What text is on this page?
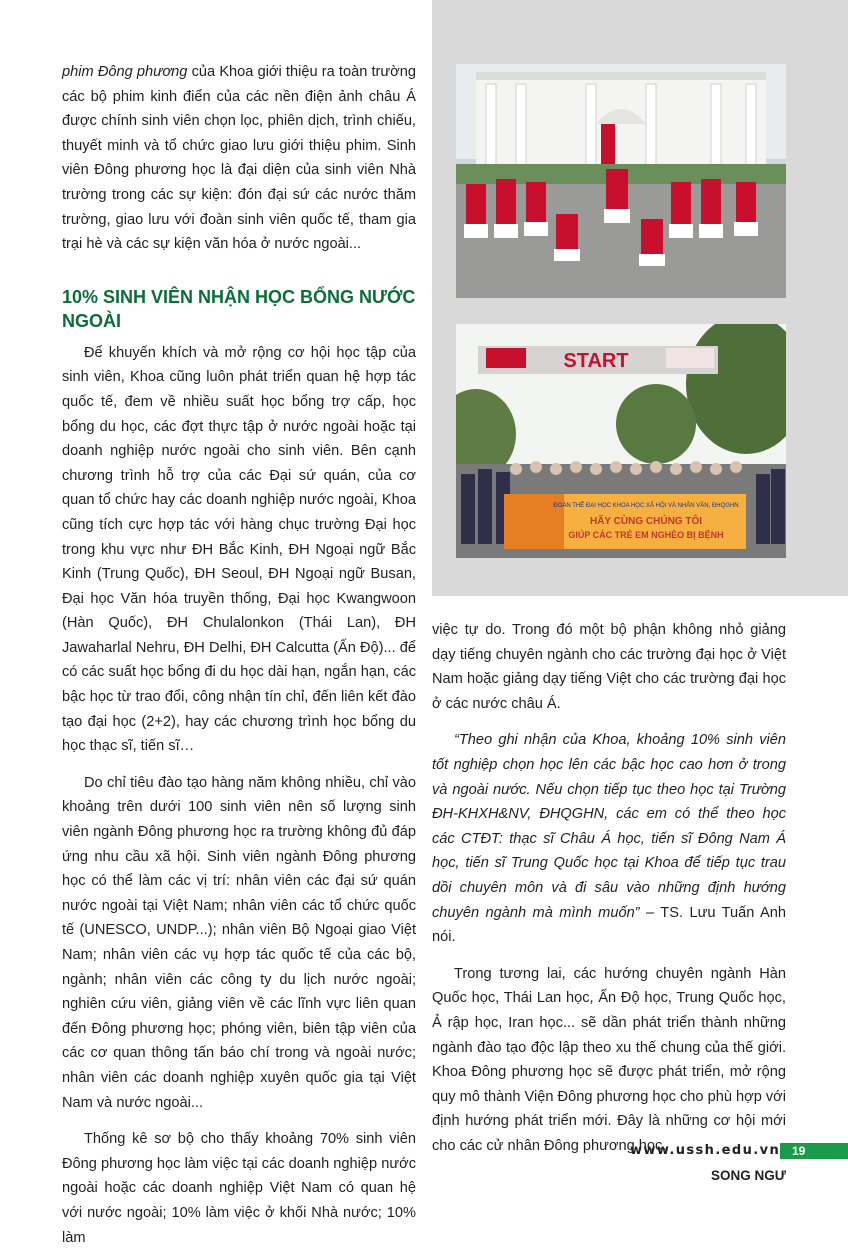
START
ĐOÀN THỂ ĐẠI HỌC KHOA HỌC XÃ HỘI VÀ NHÂN VĂN, ĐHQGHN
HÃY CÙNG CHÚNG TÔI
GIÚP CÁC TRẺ EM NGHÈO BỊ BỆNH

phim Đông phương của Khoa giới thiệu ra toàn trường các bộ phim kinh điển của các nền điện ảnh châu Á được chính sinh viên chọn lọc, phiên dịch, trình chiếu, thuyết minh và tổ chức giao lưu giới thiệu phim. Sinh viên Đông phương học là đại diện của sinh viên Nhà trường trong các sự kiện: đón đại sứ các nước thăm trường, giao lưu với đoàn sinh viên quốc tế, tham gia trại hè và các sự kiện văn hóa ở nước ngoài...

10% SINH VIÊN NHẬN HỌC BỔNG NƯỚC NGOÀI

Để khuyến khích và mở rộng cơ hội học tập của sinh viên, Khoa cũng luôn phát triển quan hệ hợp tác quốc tế, đem về nhiều suất học bổng trợ cấp, học bổng du học, các đợt thực tập ở nước ngoài hoặc tại doanh nghiệp nước ngoài cho sinh viên. Bên cạnh chương trình hỗ trợ của các Đại sứ quán, của cơ quan tổ chức hay các doanh nghiệp nước ngoài, Khoa cũng tích cực hợp tác với hàng chục trường Đại học trong khu vực như ĐH Bắc Kinh, ĐH Ngoại ngữ Bắc Kinh (Trung Quốc), ĐH Seoul, ĐH Ngoại ngữ Busan, Đại học Văn hóa truyền thống, Đại học Kwangwoon (Hàn Quốc), ĐH Chulalonkon (Thái Lan), ĐH Jawaharlal Nehru, ĐH Delhi, ĐH Calcutta (Ấn Độ)... để có các suất học bổng đi du học dài hạn, ngắn hạn, các bậc học từ trao đổi, công nhận tín chỉ, đến liên kết đào tạo đại học (2+2), hay các chương trình học bổng du học thạc sĩ, tiến sĩ…

Do chỉ tiêu đào tạo hàng năm không nhiều, chỉ vào khoảng trên dưới 100 sinh viên nên số lượng sinh viên ngành Đông phương học ra trường không đủ đáp ứng nhu cầu xã hội. Sinh viên ngành Đông phương học có thể làm các vị trí: nhân viên các đại sứ quán nước ngoài tại Việt Nam; nhân viên các tổ chức quốc tế (UNESCO, UNDP...); nhân viên Bộ Ngoại giao Việt Nam; nhân viên các vụ hợp tác quốc tế của các bộ, ngành; nhân viên các công ty du lịch nước ngoài; nghiên cứu viên, giảng viên về các lĩnh vực liên quan đến Đông phương học; phóng viên, biên tập viên của các cơ quan thông tấn báo chí trong và ngoài nước; nhân viên các doanh nghiệp xuyên quốc gia tại Việt Nam và nước ngoài...

Thống kê sơ bộ cho thấy khoảng 70% sinh viên Đông phương học làm việc tại các doanh nghiệp nước ngoài hoặc các doanh nghiệp Việt Nam có quan hệ với nước ngoài; 10% làm việc ở khối Nhà nước; 10% làm

việc tự do. Trong đó một bộ phận không nhỏ giảng dạy tiếng chuyên ngành cho các trường đại học ở Việt Nam hoặc giảng dạy tiếng Việt cho các trường đại học ở các nước châu Á.

“Theo ghi nhận của Khoa, khoảng 10% sinh viên tốt nghiệp chọn học lên các bậc học cao hơn ở trong và ngoài nước. Nếu chọn tiếp tục theo học tại Trường ĐH-KHXH&NV, ĐHQGHN, các em có thể theo học các CTĐT: thạc sĩ Châu Á học, tiến sĩ Đông Nam Á học, tiến sĩ Trung Quốc học tại Khoa để tiếp tục trau dồi chuyên môn và đi sâu vào những định hướng chuyên ngành mà mình muốn” – TS. Lưu Tuấn Anh nói.

Trong tương lai, các hướng chuyên ngành Hàn Quốc học, Thái Lan học, Ấn Độ học, Trung Quốc học, Ả rập học, Iran học... sẽ dần phát triển thành những ngành đào tạo độc lập theo xu thế chung của thế giới. Khoa Đông phương học sẽ được phát triển, mở rộng quy mô thành Viện Đông phương học cho phù hợp với định hướng phát triển mới. Đây là những cơ hội mới cho các cử nhân Đông phương học.

SONG NGƯ

www.ussh.edu.vn 19
